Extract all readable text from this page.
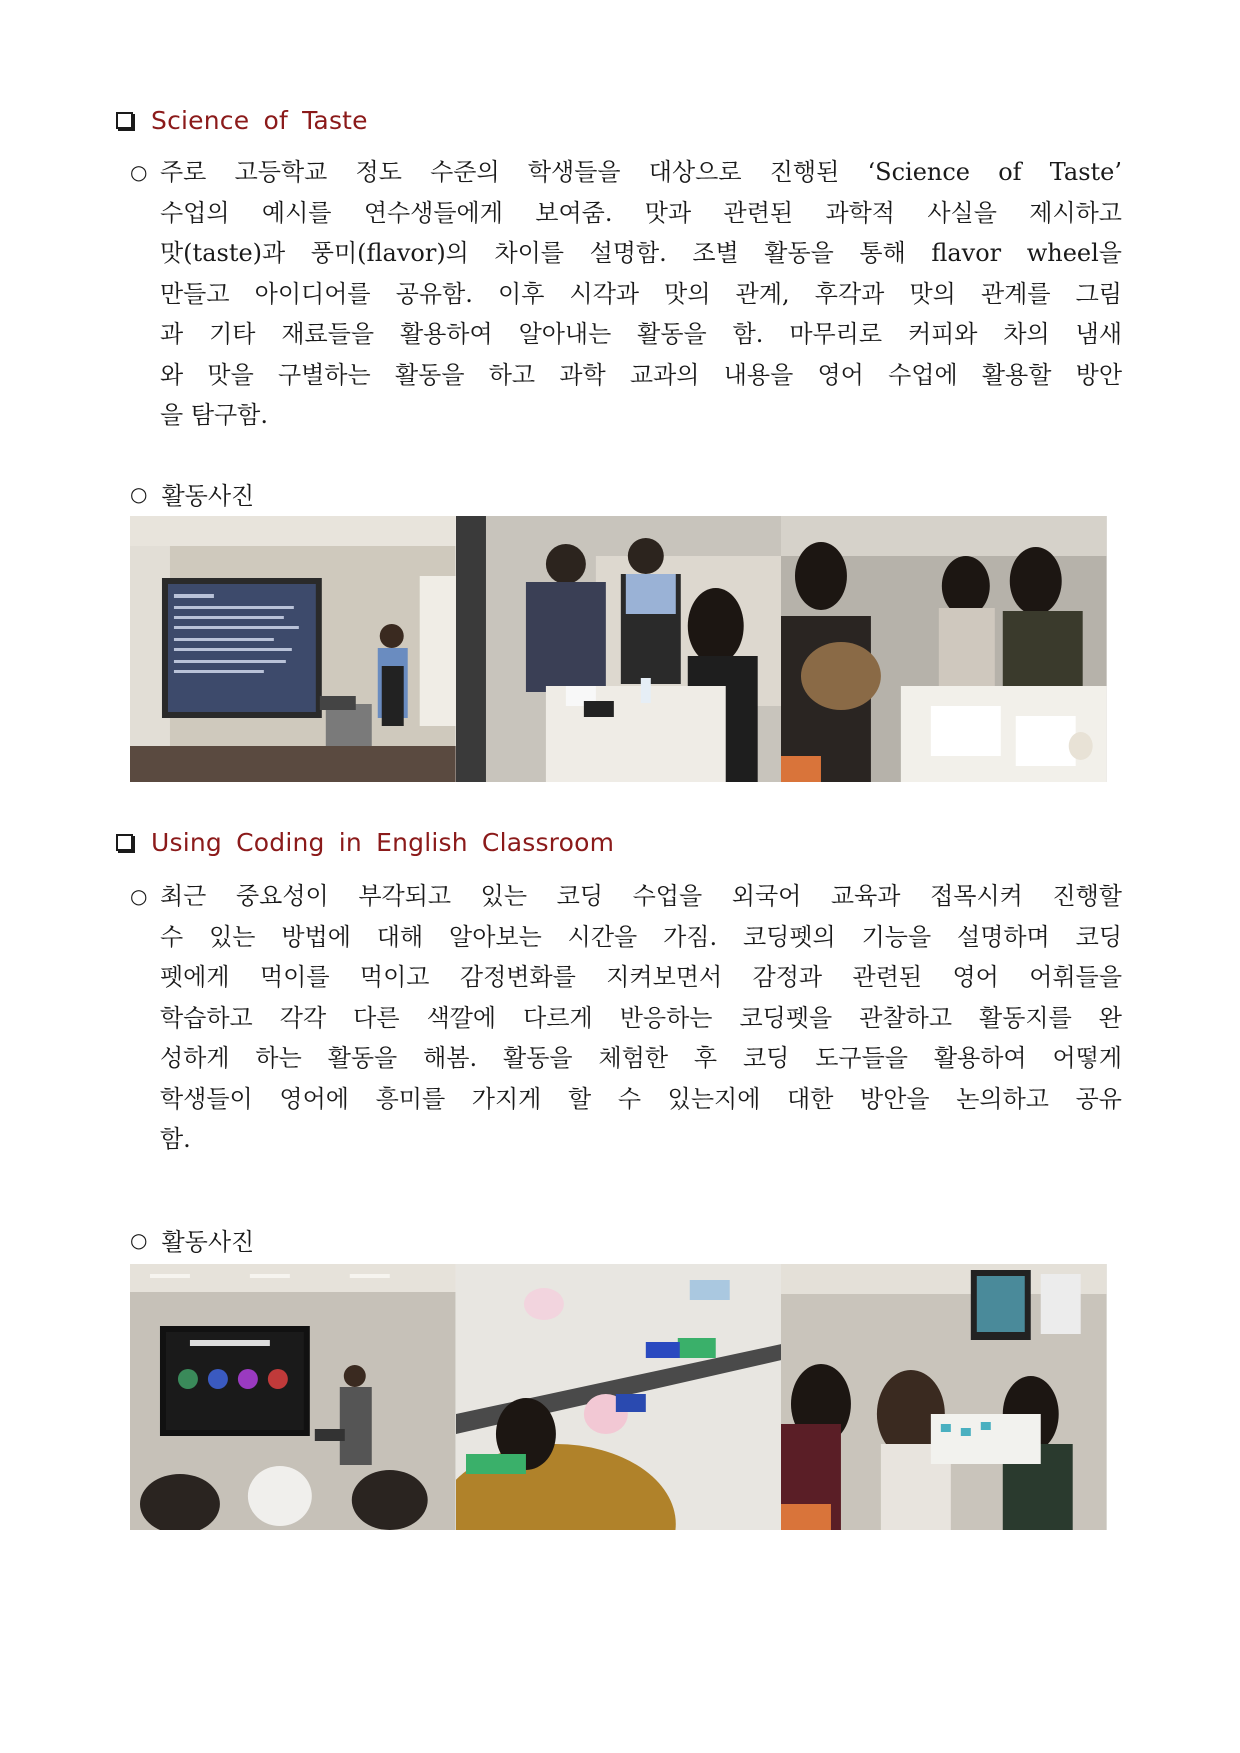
Science of Taste
○ 주로 고등학교 정도 수준의 학생들을 대상으로 진행된 ‘Science of Taste’
수업의 예시를 연수생들에게 보여줌. 맛과 관련된 과학적 사실을 제시하고
맛(taste)과 풍미(flavor)의 차이를 설명함. 조별 활동을 통해 flavor wheel을
만들고 아이디어를 공유함. 이후 시각과 맛의 관계, 후각과 맛의 관계를 그림
과 기타 재료들을 활용하여 알아내는 활동을 함. 마무리로 커피와 차의 냄새
와 맛을 구별하는 활동을 하고 과학 교과의 내용을 영어 수업에 활용할 방안
을 탐구함.
○ 활동사진
Using Coding in English Classroom
○ 최근 중요성이 부각되고 있는 코딩 수업을 외국어 교육과 접목시켜 진행할
수 있는 방법에 대해 알아보는 시간을 가짐. 코딩펫의 기능을 설명하며 코딩
펫에게 먹이를 먹이고 감정변화를 지켜보면서 감정과 관련된 영어 어휘들을
학습하고 각각 다른 색깔에 다르게 반응하는 코딩펫을 관찰하고 활동지를 완
성하게 하는 활동을 해봄. 활동을 체험한 후 코딩 도구들을 활용하여 어떻게
학생들이 영어에 흥미를 가지게 할 수 있는지에 대한 방안을 논의하고 공유
함.
○ 활동사진
